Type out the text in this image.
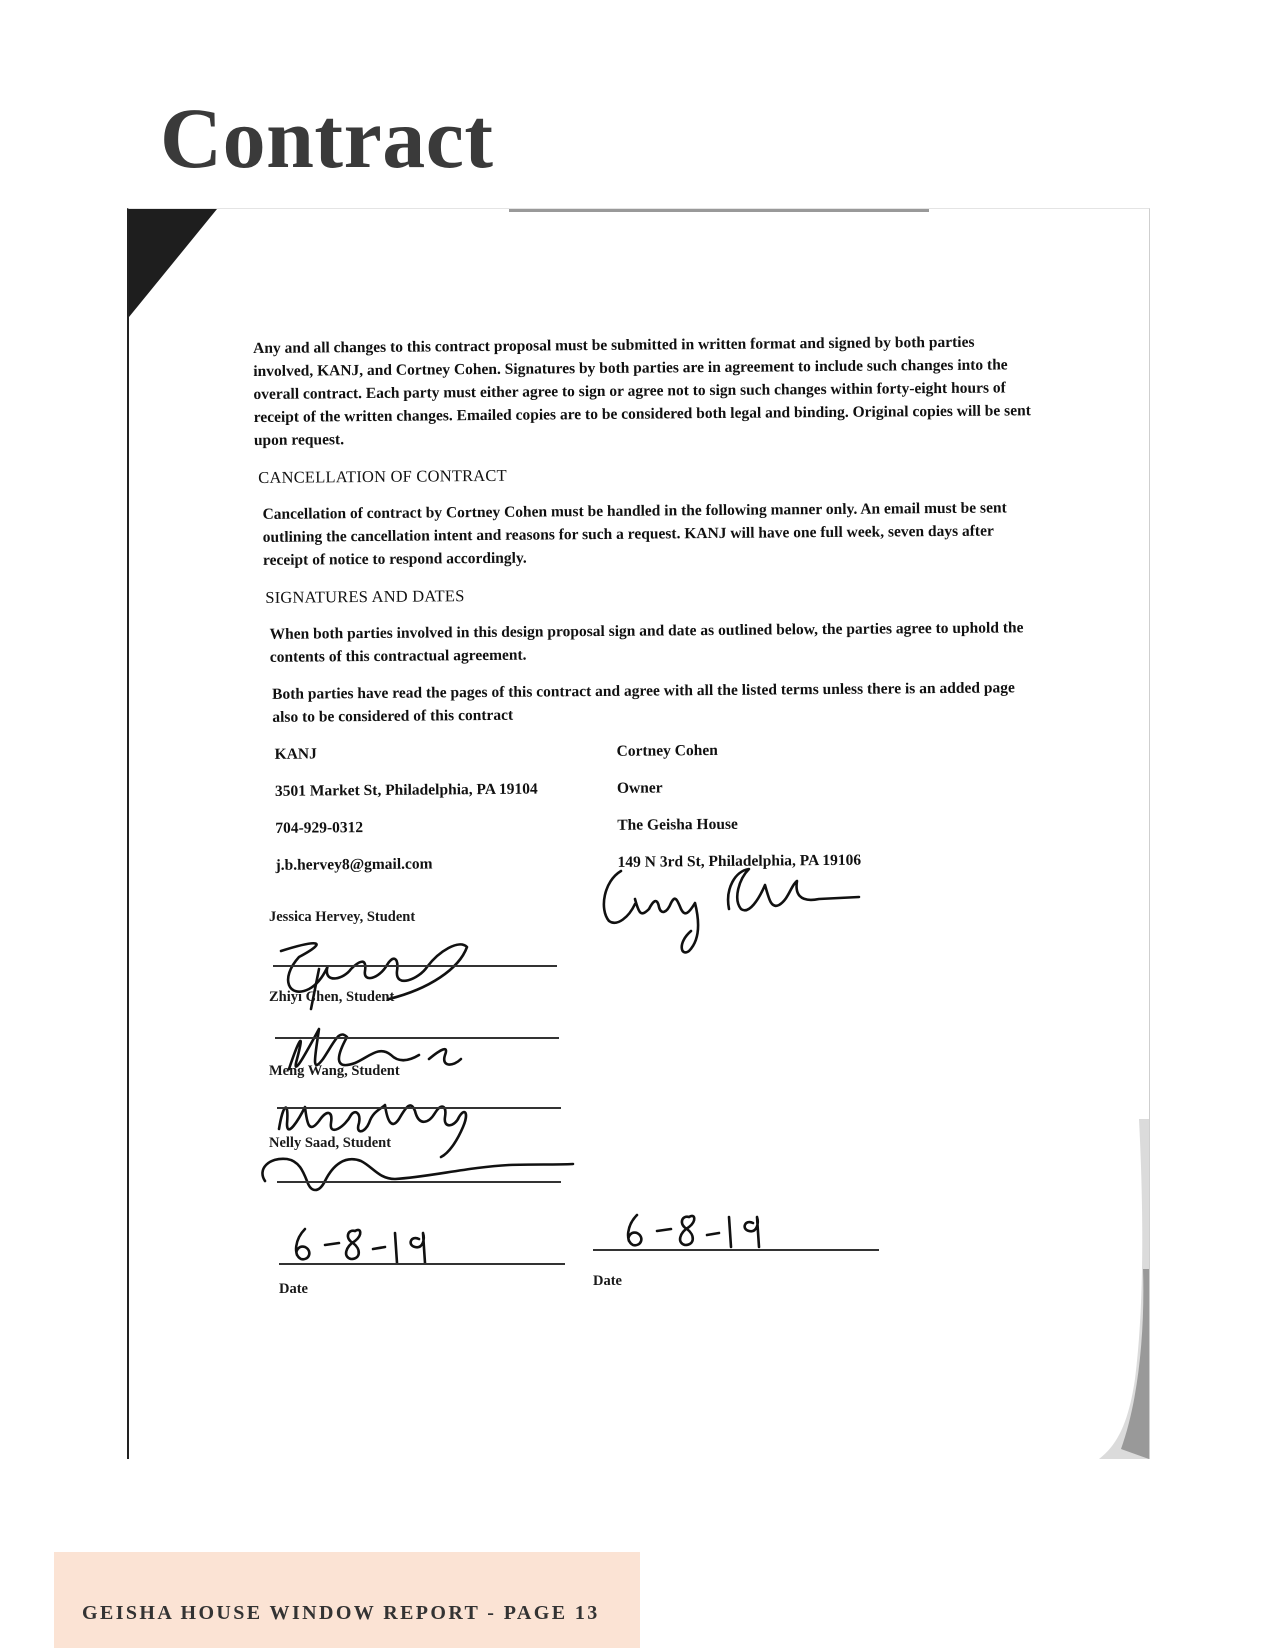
Contract

Any and all changes to this contract proposal must be submitted in written format and signed by both parties involved, KANJ, and Cortney Cohen. Signatures by both parties are in agreement to include such changes into the overall contract. Each party must either agree to sign or agree not to sign such changes within forty-eight hours of receipt of the written changes. Emailed copies are to be considered both legal and binding. Original copies will be sent upon request.

CANCELLATION OF CONTRACT

Cancellation of contract by Cortney Cohen must be handled in the following manner only. An email must be sent outlining the cancellation intent and reasons for such a request. KANJ will have one full week, seven days after receipt of notice to respond accordingly.

SIGNATURES AND DATES

When both parties involved in this design proposal sign and date as outlined below, the parties agree to uphold the contents of this contractual agreement.

Both parties have read the pages of this contract and agree with all the listed terms unless there is an added page also to be considered of this contract

KANJ
3501 Market St, Philadelphia, PA 19104
704-929-0312
j.b.hervey8@gmail.com
Cortney Cohen
Owner
The Geisha House
149 N 3rd St, Philadelphia, PA 19106
Jessica Hervey, Student
Zhiyi Chen, Student
Meng Wang, Student
Nelly Saad, Student
Date	Date
GEISHA HOUSE WINDOW REPORT - PAGE 13
